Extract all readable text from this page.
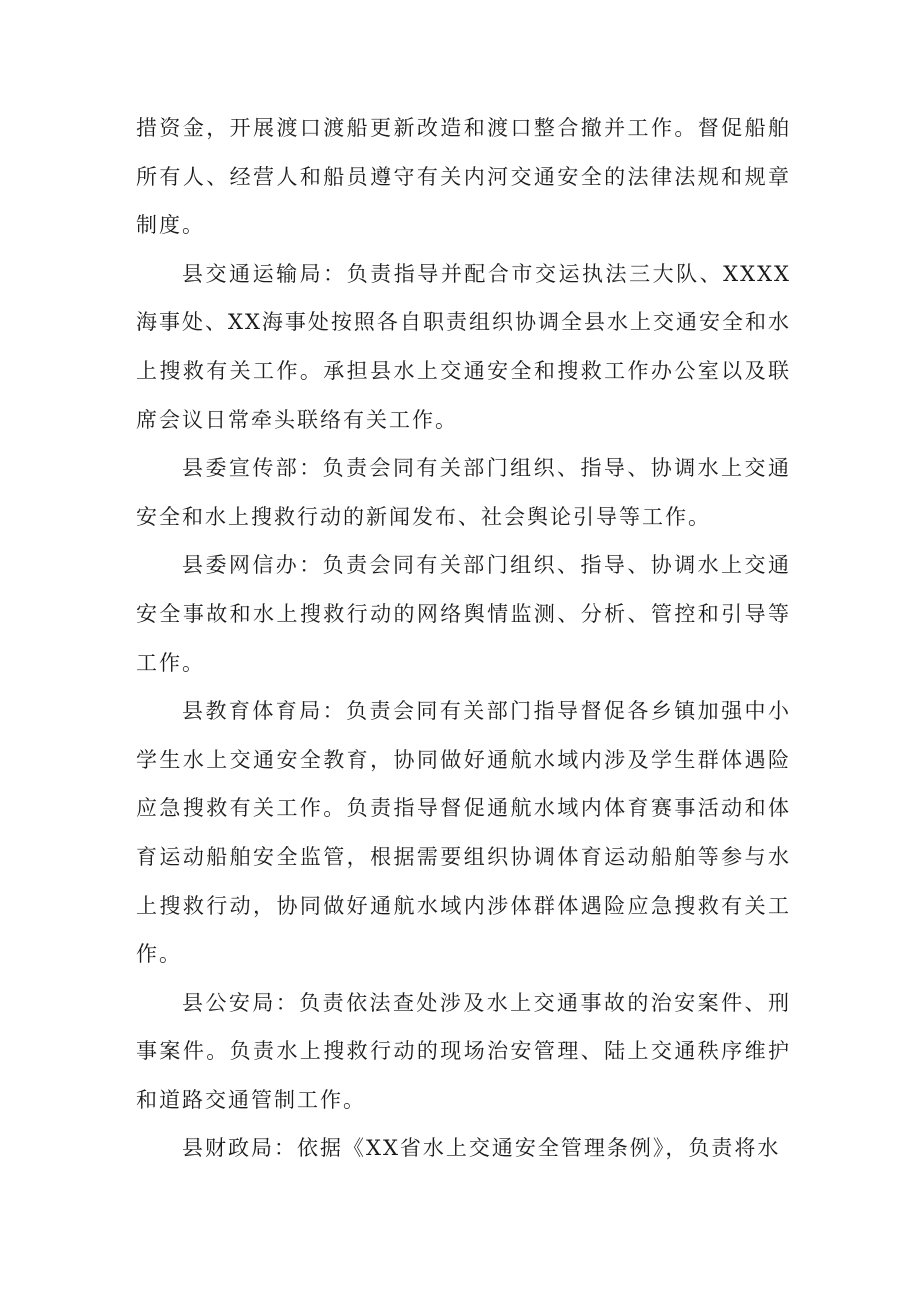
措资金，开展渡口渡船更新改造和渡口整合撤并工作。督促船舶所有人、经营人和船员遵守有关内河交通安全的法律法规和规章制度。

县交通运输局：负责指导并配合市交运执法三大队、XXXX海事处、XX海事处按照各自职责组织协调全县水上交通安全和水上搜救有关工作。承担县水上交通安全和搜救工作办公室以及联席会议日常牵头联络有关工作。

县委宣传部：负责会同有关部门组织、指导、协调水上交通安全和水上搜救行动的新闻发布、社会舆论引导等工作。

县委网信办：负责会同有关部门组织、指导、协调水上交通安全事故和水上搜救行动的网络舆情监测、分析、管控和引导等工作。

县教育体育局：负责会同有关部门指导督促各乡镇加强中小学生水上交通安全教育，协同做好通航水域内涉及学生群体遇险应急搜救有关工作。负责指导督促通航水域内体育赛事活动和体育运动船舶安全监管，根据需要组织协调体育运动船舶等参与水上搜救行动，协同做好通航水域内涉体群体遇险应急搜救有关工作。

县公安局：负责依法查处涉及水上交通事故的治安案件、刑事案件。负责水上搜救行动的现场治安管理、陆上交通秩序维护和道路交通管制工作。

县财政局：依据《XX省水上交通安全管理条例》，负责将水
